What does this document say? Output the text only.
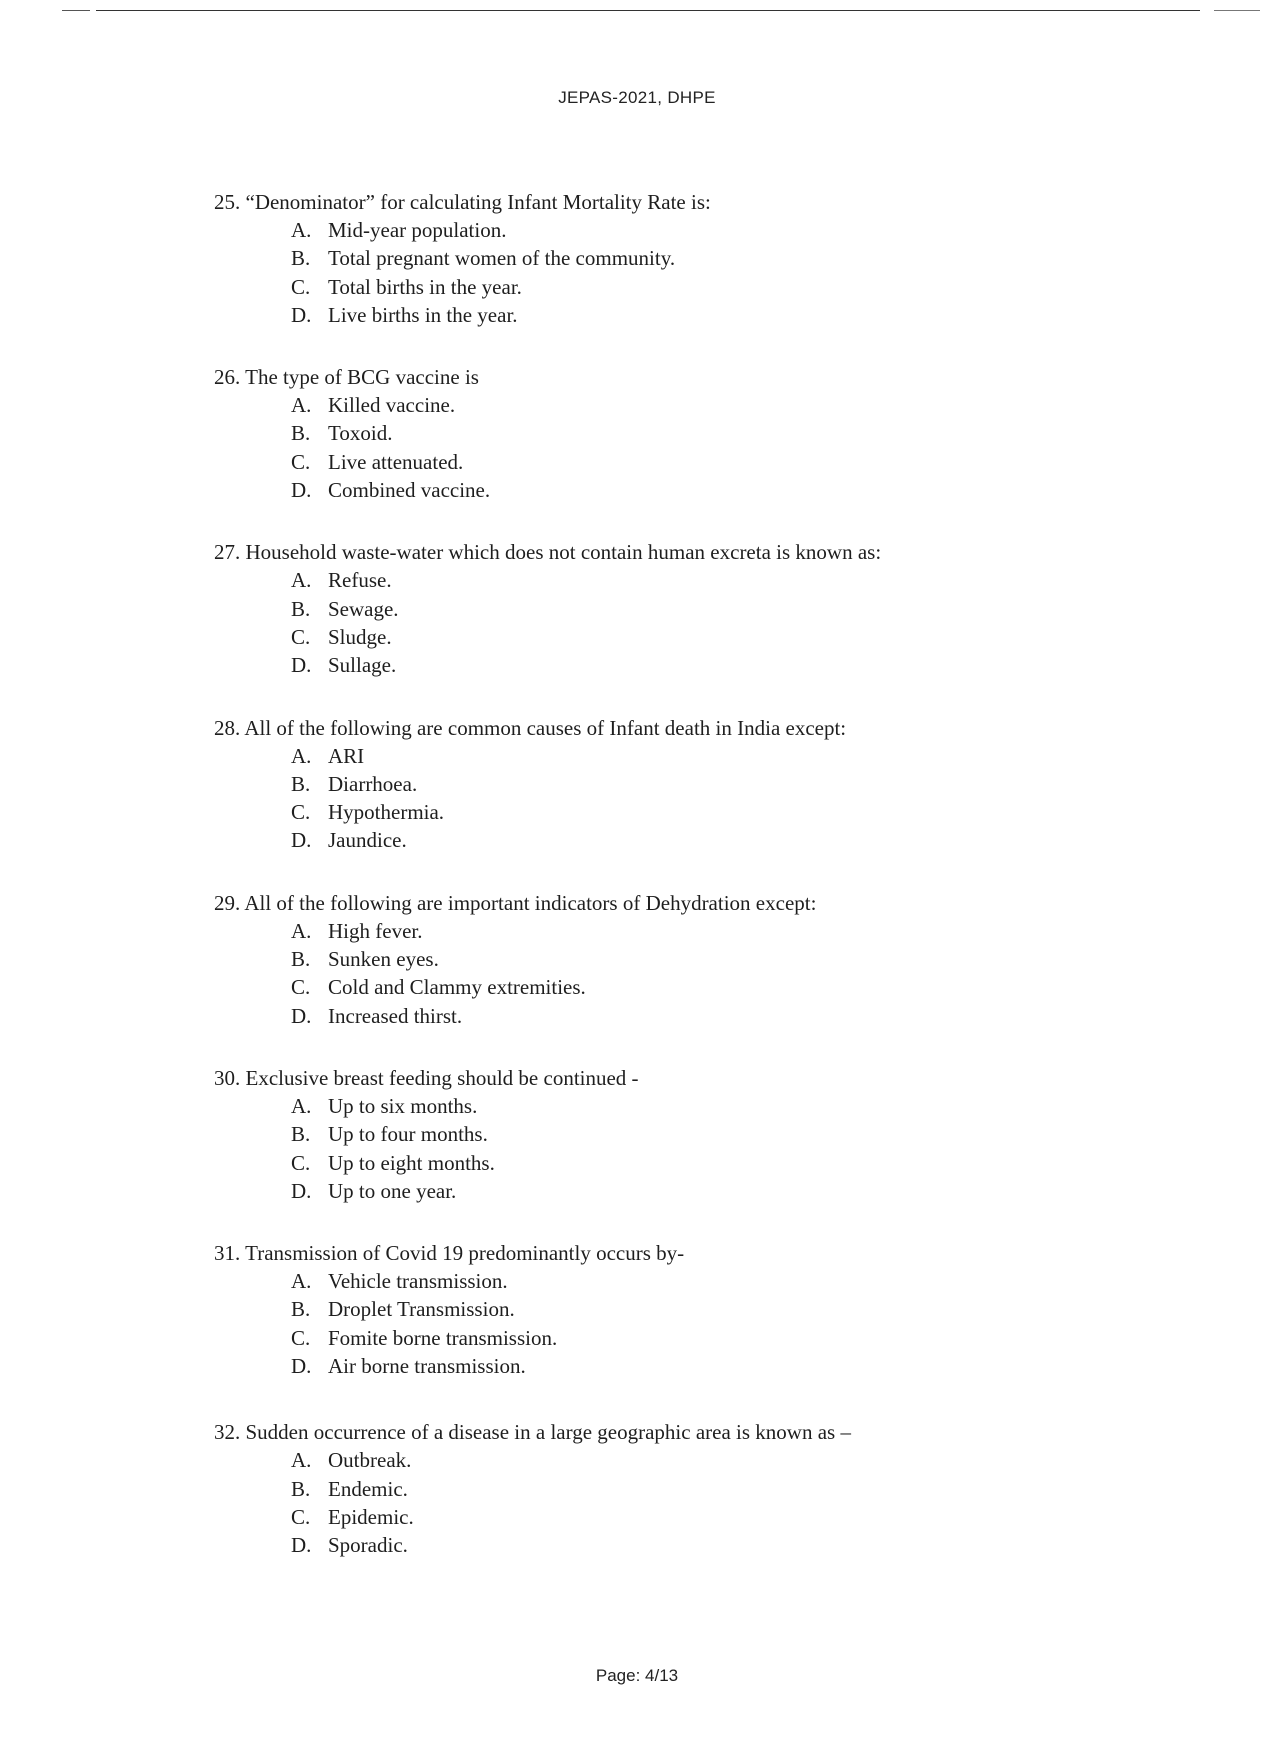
JEPAS-2021, DHPE
25. “Denominator” for calculating Infant Mortality Rate is:
A. Mid-year population.
B. Total pregnant women of the community.
C. Total births in the year.
D. Live births in the year.
26. The type of BCG vaccine is
A. Killed vaccine.
B. Toxoid.
C. Live attenuated.
D. Combined vaccine.
27. Household waste-water which does not contain human excreta is known as:
A. Refuse.
B. Sewage.
C. Sludge.
D. Sullage.
28. All of the following are common causes of Infant death in India except:
A. ARI
B. Diarrhoea.
C. Hypothermia.
D. Jaundice.
29. All of the following are important indicators of Dehydration except:
A. High fever.
B. Sunken eyes.
C. Cold and Clammy extremities.
D. Increased thirst.
30. Exclusive breast feeding should be continued -
A. Up to six months.
B. Up to four months.
C. Up to eight months.
D. Up to one year.
31. Transmission of Covid 19 predominantly occurs by-
A. Vehicle transmission.
B. Droplet Transmission.
C. Fomite borne transmission.
D. Air borne transmission.
32. Sudden occurrence of a disease in a large geographic area is known as –
A. Outbreak.
B. Endemic.
C. Epidemic.
D. Sporadic.
Page: 4/13
